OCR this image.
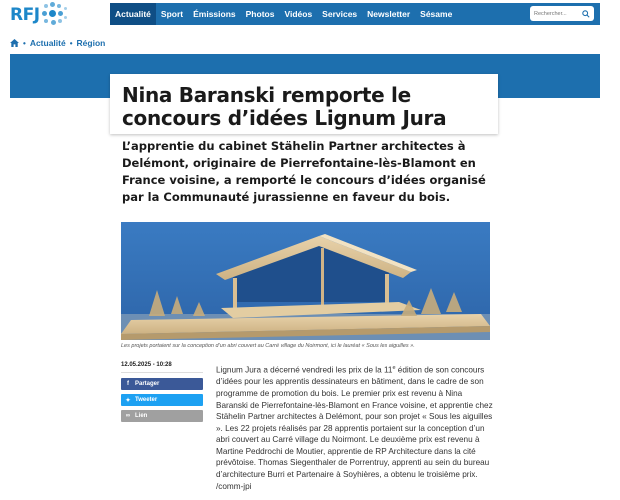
RFJ	Actualité	Sport	Émissions	Photos	Vidéos	Services	Newsletter	Sésame
Rechercher...
• Actualité • Région
Nina Baranski remporte le concours d’idées Lignum Jura

L’apprentie du cabinet Stähelin Partner architectes à Delémont, originaire de Pierrefontaine-lès-Blamont en France voisine, a remporté le concours d’idées organisé par la Communauté jurassienne en faveur du bois.

Les projets portaient sur la conception d’un abri couvert au Carré village du Noirmont, ici le lauréat « Sous les aiguilles ».

12.05.2025 - 10:28
f	Partager
✦ Tweeter
∞ Lien
Lignum Jura a décerné vendredi les prix de la 11e édition de son concours d’idées pour les apprentis dessinateurs en bâtiment, dans le cadre de son programme de promotion du bois. Le premier prix est revenu à Nina Baranski de Pierrefontaine-lès-Blamont en France voisine, et apprentie chez Stähelin Partner architectes à Delémont, pour son projet « Sous les aiguilles ». Les 22 projets réalisés par 28 apprentis portaient sur la conception d’un abri couvert au Carré village du Noirmont. Le deuxième prix est revenu à Martine Peddrochi de Moutier, apprentie de RP Architecture dans la cité prévôtoise. Thomas Siegenthaler de Porrentruy, apprenti au sein du bureau d’architecture Burri et Partenaire à Soyhières, a obtenu le troisième prix. /comm-jpi
